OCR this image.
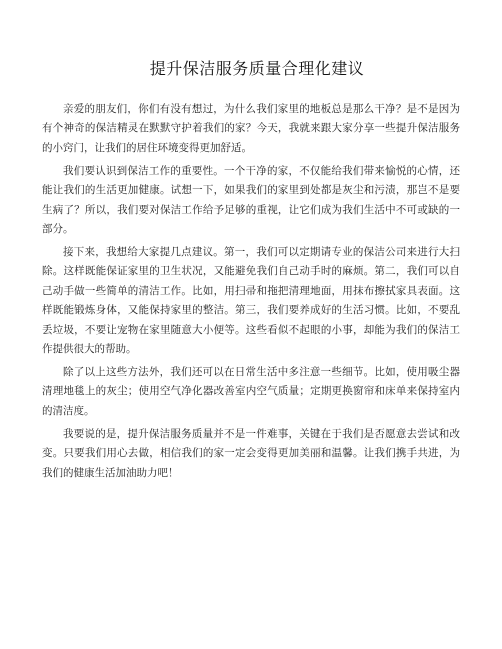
提升保洁服务质量合理化建议

亲爱的朋友们，你们有没有想过，为什么我们家里的地板总是那么干净？是不是因为有个神奇的保洁精灵在默默守护着我们的家？今天，我就来跟大家分享一些提升保洁服务的小窍门，让我们的居住环境变得更加舒适。

我们要认识到保洁工作的重要性。一个干净的家，不仅能给我们带来愉悦的心情，还能让我们的生活更加健康。试想一下，如果我们的家里到处都是灰尘和污渍，那岂不是要生病了？所以，我们要对保洁工作给予足够的重视，让它们成为我们生活中不可或缺的一部分。

接下来，我想给大家提几点建议。第一，我们可以定期请专业的保洁公司来进行大扫除。这样既能保证家里的卫生状况，又能避免我们自己动手时的麻烦。第二，我们可以自己动手做一些简单的清洁工作。比如，用扫帚和拖把清理地面，用抹布擦拭家具表面。这样既能锻炼身体，又能保持家里的整洁。第三，我们要养成好的生活习惯。比如，不要乱丢垃圾，不要让宠物在家里随意大小便等。这些看似不起眼的小事，却能为我们的保洁工作提供很大的帮助。

除了以上这些方法外，我们还可以在日常生活中多注意一些细节。比如，使用吸尘器清理地毯上的灰尘；使用空气净化器改善室内空气质量；定期更换窗帘和床单来保持室内的清洁度。

我要说的是，提升保洁服务质量并不是一件难事，关键在于我们是否愿意去尝试和改变。只要我们用心去做，相信我们的家一定会变得更加美丽和温馨。让我们携手共进，为我们的健康生活加油助力吧！
